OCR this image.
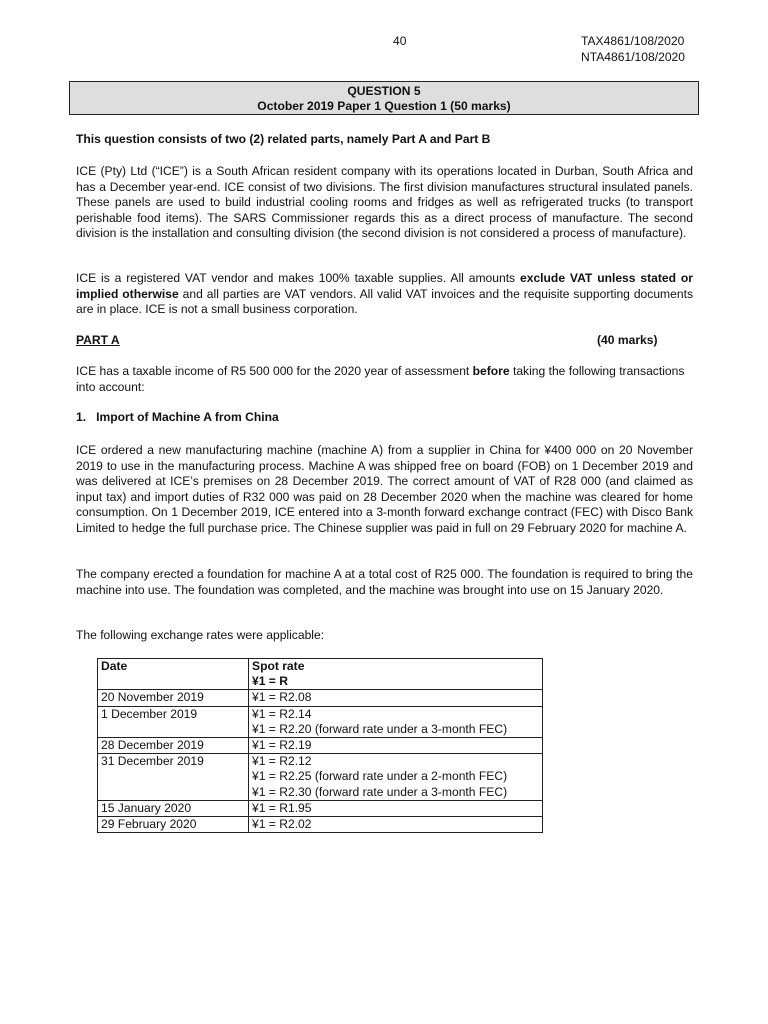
40	TAX4861/108/2020
NTA4861/108/2020
QUESTION 5
October 2019 Paper 1 Question 1 (50 marks)
This question consists of two (2) related parts, namely Part A and Part B
ICE (Pty) Ltd (“ICE”) is a South African resident company with its operations located in Durban, South Africa and has a December year-end. ICE consist of two divisions. The first division manufactures structural insulated panels. These panels are used to build industrial cooling rooms and fridges as well as refrigerated trucks (to transport perishable food items). The SARS Commissioner regards this as a direct process of manufacture. The second division is the installation and consulting division (the second division is not considered a process of manufacture).
ICE is a registered VAT vendor and makes 100% taxable supplies. All amounts exclude VAT unless stated or implied otherwise and all parties are VAT vendors. All valid VAT invoices and the requisite supporting documents are in place. ICE is not a small business corporation.
PART A	(40 marks)
ICE has a taxable income of R5 500 000 for the 2020 year of assessment before taking the following transactions into account:
1.   Import of Machine A from China
ICE ordered a new manufacturing machine (machine A) from a supplier in China for ¥400 000 on 20 November 2019 to use in the manufacturing process. Machine A was shipped free on board (FOB) on 1 December 2019 and was delivered at ICE’s premises on 28 December 2019. The correct amount of VAT of R28 000 (and claimed as input tax) and import duties of R32 000 was paid on 28 December 2020 when the machine was cleared for home consumption. On 1 December 2019, ICE entered into a 3-month forward exchange contract (FEC) with Disco Bank Limited to hedge the full purchase price. The Chinese supplier was paid in full on 29 February 2020 for machine A.
The company erected a foundation for machine A at a total cost of R25 000. The foundation is required to bring the machine into use. The foundation was completed, and the machine was brought into use on 15 January 2020.
The following exchange rates were applicable:
Date	Spot rate
¥1 = R

20 November 2019	¥1 = R2.08

1 December 2019	¥1 = R2.14
¥1 = R2.20 (forward rate under a 3-month FEC)

28 December 2019	¥1 = R2.19

31 December 2019	¥1 = R2.12
¥1 = R2.25 (forward rate under a 2-month FEC)
¥1 = R2.30 (forward rate under a 3-month FEC)

15 January 2020	¥1 = R1.95

29 February 2020	¥1 = R2.02
